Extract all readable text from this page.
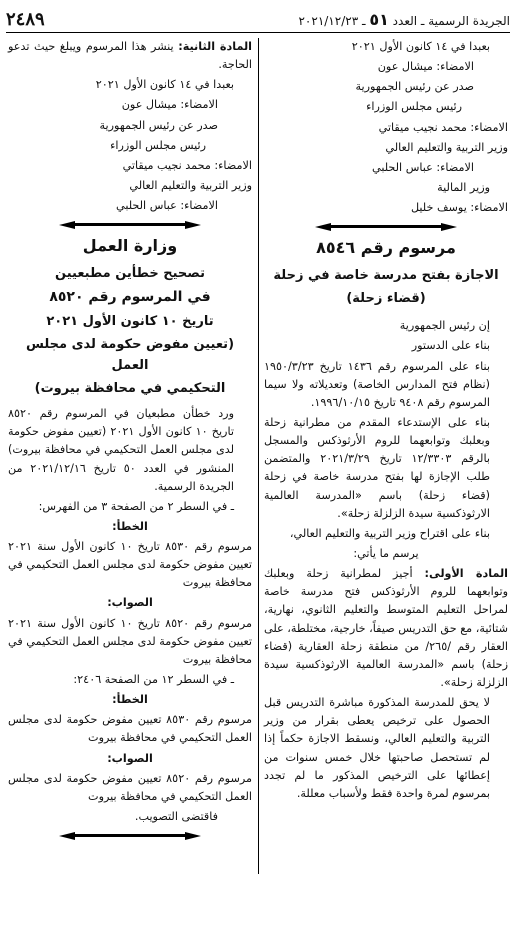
الجريدة الرسمية ـ العدد ٥١ ـ ٢٠٢١/١٢/٢٣
٢٤٨٩

بعبدا في ١٤ كانون الأول ٢٠٢١

الامضاء: ميشال عون

صدر عن رئيس الجمهورية

رئيس مجلس الوزراء

الامضاء: محمد نجيب ميقاتي

وزير التربية والتعليم العالي

الامضاء: عباس الحلبي

وزير المالية

الامضاء: يوسف خليل

مرسوم رقم ٨٥٤٦
الاجازة بفتح مدرسة خاصة في زحلة
(قضاء زحلة)

إن رئيس الجمهورية

بناء على الدستور

بناء على المرسوم رقم ١٤٣٦ تاريخ ١٩٥٠/٣/٢٣ (نظام فتح المدارس الخاصة) وتعديلاته ولا سيما المرسوم رقم ٩٤٠٨ تاريخ ١٩٩٦/١٠/١٥.

بناء على الإستدعاء المقدم من مطرانية زحلة وبعلبك وتوابعهما للروم الأرثوذكس والمسجل بالرقم ١٢/٣٣٠٣ تاريخ ٢٠٢١/٣/٢٩ والمتضمن طلب الإجازة لها بفتح مدرسة خاصة في زحلة (قضاء زحلة) باسم «المدرسة العالمية الارثوذكسية سيدة الزلزلة زحلة».

بناء على اقتراح وزير التربية والتعليم العالي،

يرسم ما يأتي:

المادة الأولى: أجيز لمطرانية زحلة وبعلبك وتوابعهما للروم الأرثوذكس فتح مدرسة خاصة لمراحل التعليم المتوسط والتعليم الثانوي، نهارية، شتائية، مع حق التدريس صيفاً، خارجية، مختلطة، على العقار رقم /٢٦٥/ من منطقة زحلة العقارية (قضاء زحلة) باسم «المدرسة العالمية الارثوذكسية سيدة الزلزلة زحلة».

لا يحق للمدرسة المذكورة مباشرة التدريس قبل الحصول على ترخيص يعطى بقرار من وزير التربية والتعليم العالي، ونسقط الاجازة حكماً إذا لم تستحصل صاحبتها خلال خمس سنوات من إعطائها على الترخيص المذكور ما لم تجدد بمرسوم لمرة واحدة فقط ولأسباب معللة.

المادة الثانية: ينشر هذا المرسوم ويبلغ حيث تدعو الحاجة.

بعبدا في ١٤ كانون الأول ٢٠٢١

الامضاء: ميشال عون

صدر عن رئيس الجمهورية

رئيس مجلس الوزراء

الامضاء: محمد نجيب ميقاتي

وزير التربية والتعليم العالي

الامضاء: عباس الحلبي

وزارة العمل
تصحيح خطأين مطبعيين
في المرسوم رقم ٨٥٢٠
تاريخ ١٠ كانون الأول ٢٠٢١
(تعيين مفوض حكومة لدى مجلس العمل
التحكيمي في محافظة بيروت)

ورد خطأن مطبعيان في المرسوم رقم ٨٥٢٠ تاريخ ١٠ كانون الأول ٢٠٢١ (تعيين مفوض حكومة لدى مجلس العمل التحكيمي في محافظة بيروت) المنشور في العدد ٥٠ تاريخ ٢٠٢١/١٢/١٦ من الجريدة الرسمية.

ـ في السطر ٢ من الصفحة ٣ من الفهرس:

الخطأ:

مرسوم رقم ٨٥٣٠ تاريخ ١٠ كانون الأول سنة ٢٠٢١ تعيين مفوض حكومة لدى مجلس العمل التحكيمي في محافظة بيروت

الصواب:

مرسوم رقم ٨٥٢٠ تاريخ ١٠ كانون الأول سنة ٢٠٢١ تعيين مفوض حكومة لدى مجلس العمل التحكيمي في محافظة بيروت

ـ في السطر ١٢ من الصفحة ٢٤٠٦:

الخطأ:

مرسوم رقم ٨٥٣٠ تعيين مفوض حكومة لدى مجلس العمل التحكيمي في محافظة بيروت

الصواب:

مرسوم رقم ٨٥٢٠ تعيين مفوض حكومة لدى مجلس العمل التحكيمي في محافظة بيروت

فاقتضى التصويب.
